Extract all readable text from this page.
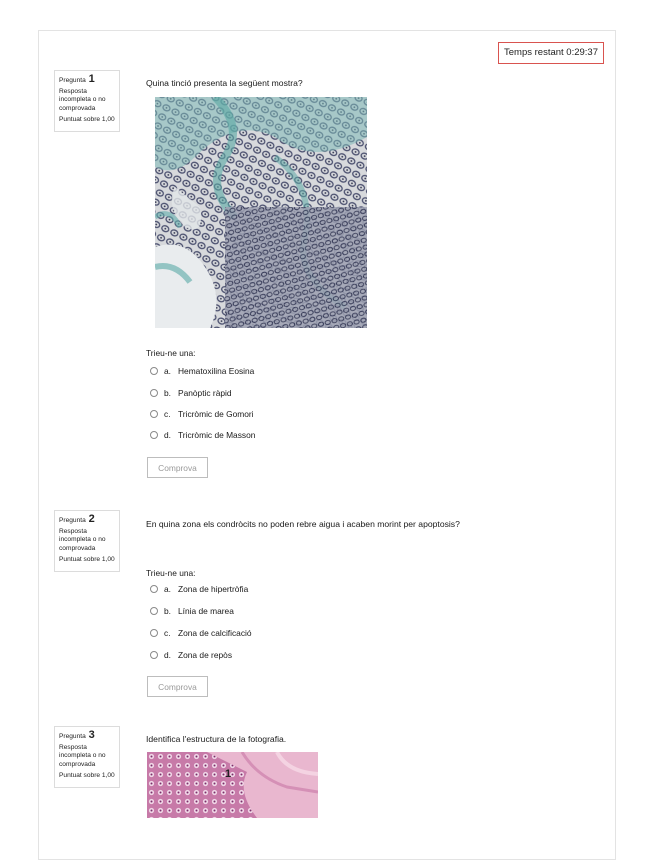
Temps restant 0:29:37
Pregunta 1
Resposta incompleta o no comprovada
Puntuat sobre 1,00
Quina tinció presenta la següent mostra?
Trieu-ne una:
a. Hematoxilina Eosina
b. Panòptic ràpid
c. Tricròmic de Gomori
d. Tricròmic de Masson
Comprova
Pregunta 2
Resposta incompleta o no comprovada
Puntuat sobre 1,00
En quina zona els condròcits no poden rebre aigua i acaben morint per apoptosis?
Trieu-ne una:
a. Zona de hipertròfia
b. Línia de marea
c. Zona de calcificació
d. Zona de repòs
Comprova
Pregunta 3
Resposta incompleta o no comprovada
Puntuat sobre 1,00
Identifica l'estructura de la fotografia.
1
